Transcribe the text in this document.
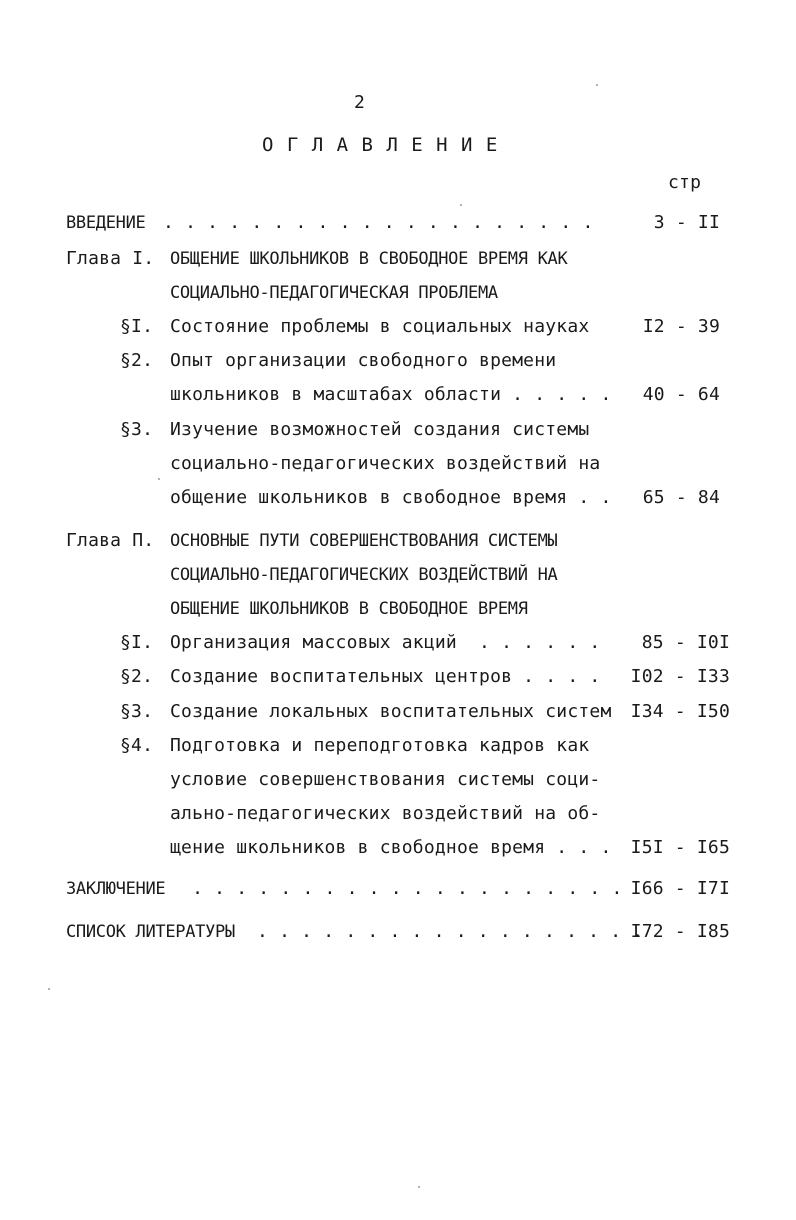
2
О Г Л А В Л Е Н И Е
стр
ВВЕДЕНИЕ . . . . . . . . . . . . . . . . . . . .	3 - II
Глава I. ОБЩЕНИЕ ШКОЛЬНИКОВ В СВОБОДНОЕ ВРЕМЯ КАК
СОЦИАЛЬНО-ПЕДАГОГИЧЕСКАЯ ПРОБЛЕМА
§I. Состояние проблемы в социальных науках	I2 - 39
§2. Опыт организации свободного времени
школьников в масштабах области . . . . . 40 - 64
§3. Изучение возможностей создания системы
социально-педагогических воздействий на
общение школьников в свободное время . . 65 - 84
Глава П. ОСНОВНЫЕ ПУТИ СОВЕРШЕНСТВОВАНИЯ СИСТЕМЫ
СОЦИАЛЬНО-ПЕДАГОГИЧЕСКИХ ВОЗДЕЙСТВИЙ НА
ОБЩЕНИЕ ШКОЛЬНИКОВ В СВОБОДНОЕ ВРЕМЯ
§I. Организация массовых акций  . . . . . . 85 - I0I
§2. Создание воспитательных центров . . . . I02 - I33
§3. Создание локальных воспитательных систем I34 - I50
§4. Подготовка и переподготовка кадров как
условие совершенствования системы соци-
ально-педагогических воздействий на об-
щение школьников в свободное время . . . I5I - I65
ЗАКЛЮЧЕНИЕ . . . . . . . . . . . . . . . . . . . . I66 - I7I
СПИСОК ЛИТЕРАТУРЫ . . . . . . . . . . . . . . . . . .
I72 - I85
